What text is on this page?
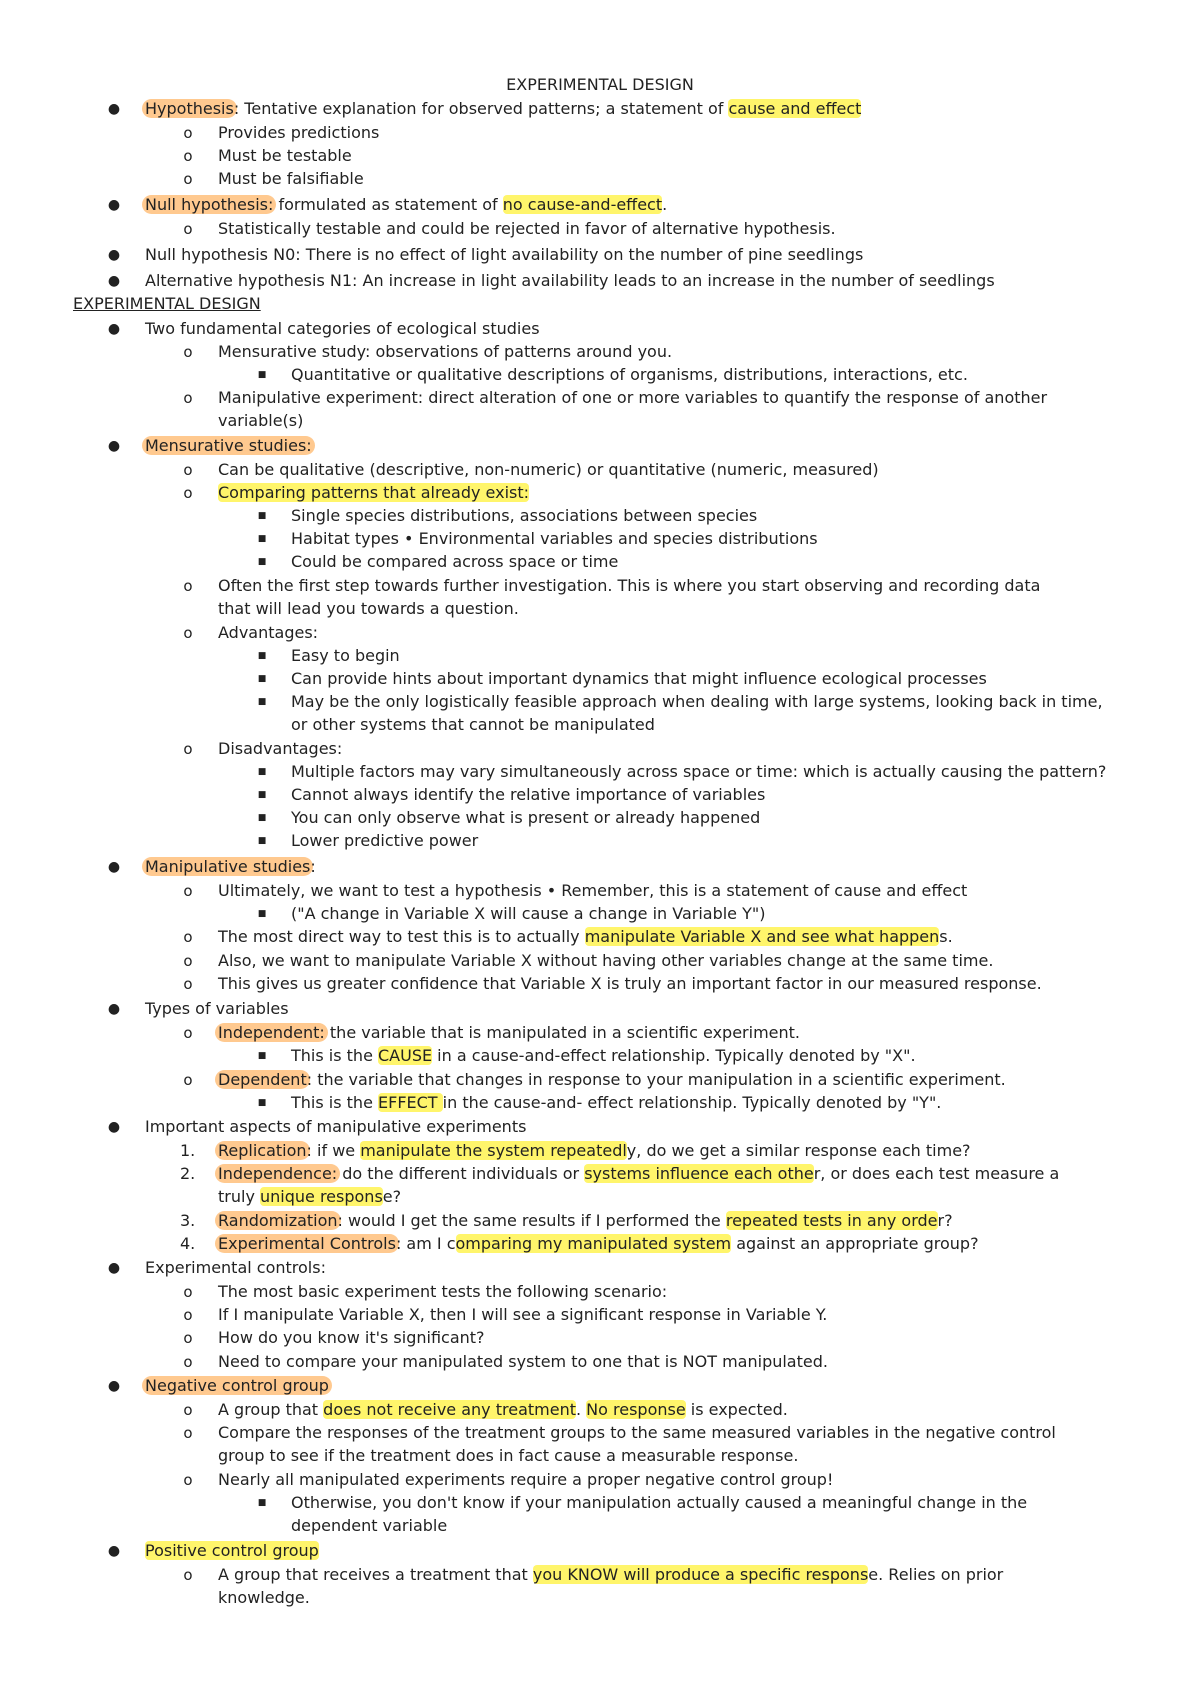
EXPERIMENTAL DESIGN
● Hypothesis: Tentative explanation for observed patterns; a statement of cause and effect
o Provides predictions
o Must be testable
o Must be falsifiable
● Null hypothesis: formulated as statement of no cause-and-effect.
o Statistically testable and could be rejected in favor of alternative hypothesis.
● Null hypothesis N0: There is no effect of light availability on the number of pine seedlings
● Alternative hypothesis N1: An increase in light availability leads to an increase in the number of seedlings
EXPERIMENTAL DESIGN
● Two fundamental categories of ecological studies
o Mensurative study: observations of patterns around you.
■ Quantitative or qualitative descriptions of organisms, distributions, interactions, etc.
o Manipulative experiment: direct alteration of one or more variables to quantify the response of another
variable(s)
● Mensurative studies:
o Can be qualitative (descriptive, non-numeric) or quantitative (numeric, measured)
o Comparing patterns that already exist:
■ Single species distributions, associations between species
■ Habitat types • Environmental variables and species distributions
■ Could be compared across space or time
o Often the first step towards further investigation. This is where you start observing and recording data
that will lead you towards a question.
o Advantages:
■ Easy to begin
■ Can provide hints about important dynamics that might influence ecological processes
■ May be the only logistically feasible approach when dealing with large systems, looking back in time,
or other systems that cannot be manipulated
o Disadvantages:
■ Multiple factors may vary simultaneously across space or time: which is actually causing the pattern?
■ Cannot always identify the relative importance of variables
■ You can only observe what is present or already happened
■ Lower predictive power
● Manipulative studies:
o Ultimately, we want to test a hypothesis • Remember, this is a statement of cause and effect
■ ("A change in Variable X will cause a change in Variable Y")
o The most direct way to test this is to actually manipulate Variable X and see what happens.
o Also, we want to manipulate Variable X without having other variables change at the same time.
o This gives us greater confidence that Variable X is truly an important factor in our measured response.
● Types of variables
o Independent: the variable that is manipulated in a scientific experiment.
■ This is the CAUSE in a cause-and-effect relationship. Typically denoted by "X".
o Dependent: the variable that changes in response to your manipulation in a scientific experiment.
■ This is the EFFECT in the cause-and- effect relationship. Typically denoted by "Y".
● Important aspects of manipulative experiments
1. Replication: if we manipulate the system repeatedly, do we get a similar response each time?
2. Independence: do the different individuals or systems influence each other, or does each test measure a
truly unique response?
3. Randomization: would I get the same results if I performed the repeated tests in any order?
4. Experimental Controls: am I comparing my manipulated system against an appropriate group?
● Experimental controls:
o The most basic experiment tests the following scenario:
o If I manipulate Variable X, then I will see a significant response in Variable Y.
o How do you know it's significant?
o Need to compare your manipulated system to one that is NOT manipulated.
● Negative control group
o A group that does not receive any treatment. No response is expected.
o Compare the responses of the treatment groups to the same measured variables in the negative control
group to see if the treatment does in fact cause a measurable response.
o Nearly all manipulated experiments require a proper negative control group!
■ Otherwise, you don't know if your manipulation actually caused a meaningful change in the
dependent variable
● Positive control group
o A group that receives a treatment that you KNOW will produce a specific response. Relies on prior
knowledge.
